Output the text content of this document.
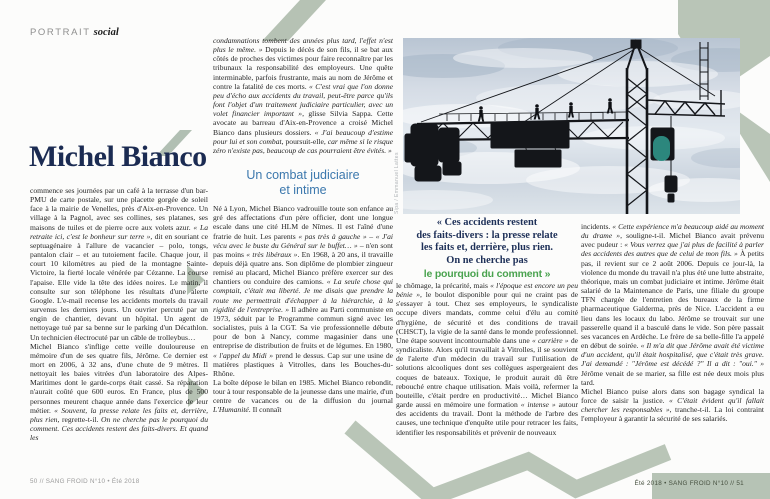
PORTRAIT social
Michel Bianco

commence ses journées par un café à la terrasse d'un bar-PMU de carte postale, sur une placette gorgée de soleil face à la mairie de Venelles, près d'Aix-en-Provence. Un village à la Pagnol, avec ses collines, ses platanes, ses maisons de tuiles et de pierre ocre aux volets azur. « La retraite ici, c'est le bonheur sur terre », dit en souriant ce septuagénaire à l'allure de vacancier – polo, tongs, pantalon clair – et au tutoiement facile. Chaque jour, il court 10 kilomètres au pied de la montagne Sainte-Victoire, la fierté locale vénérée par Cézanne. La course l'apaise. Elle vide la tête des idées noires. Le matin, il consulte sur son téléphone les résultats d'une alerte Google. L'e-mail recense les accidents mortels du travail survenus les derniers jours. Un ouvrier percuté par un engin de chantier, devant un hôpital. Un agent de nettoyage tué par sa benne sur le parking d'un Décathlon. Un technicien électrocuté par un câble de trolleybus…

Michel Bianco s'inflige cette veille douloureuse en mémoire d'un de ses quatre fils, Jérôme. Ce dernier est mort en 2006, à 32 ans, d'une chute de 9 mètres. Il nettoyait les baies vitrées d'un laboratoire des Alpes-Maritimes dont le garde-corps était cassé. Sa réparation n'aurait coûté que 600 euros. En France, plus de 500 personnes meurent chaque année dans l'exercice de leur métier. « Souvent, la presse relate les faits et, derrière, plus rien, regrette-t-il. On ne cherche pas le pourquoi du comment. Ces accidents restent des faits-divers. Et quand les

condamnations tombent des années plus tard, l'effet n'est plus le même. » Depuis le décès de son fils, il se bat aux côtés de proches des victimes pour faire reconnaître par les tribunaux la responsabilité des employeurs. Une quête interminable, parfois frustrante, mais au nom de Jérôme et contre la fatalité de ces morts. « C'est vrai que l'on donne peu d'écho aux accidents du travail, peut-être parce qu'ils font l'objet d'un traitement judiciaire particulier, avec un volet financier important », glisse Silvia Sappa. Cette avocate au barreau d'Aix-en-Provence a croisé Michel Bianco dans plusieurs dossiers. « J'ai beaucoup d'estime pour lui et son combat, poursuit-elle, car même si le risque zéro n'existe pas, beaucoup de cas pourraient être évités. »

Un combat judiciaire
et intime

Né à Lyon, Michel Bianco vadrouille toute son enfance au gré des affectations d'un père officier, dont une longue escale dans une cité HLM de Nîmes. Il est l'aîné d'une fratrie de huit. Les parents « pas très à gauche » – « J'ai vécu avec le buste du Général sur le buffet… » – n'en sont pas moins « très libéraux ». En 1968, à 20 ans, il travaille depuis déjà quatre ans. Son diplôme de plombier zingueur remisé au placard, Michel Bianco préfère exercer sur des chantiers ou conduire des camions. « La seule chose qui comptait, c'était ma liberté. Je me disais que prendre la route me permettrait d'échapper à la hiérarchie, à la rigidité de l'entreprise. » Il adhère au Parti communiste en 1973, séduit par le Programme commun signé avec les socialistes, puis à la CGT. Sa vie professionnelle débute pour de bon à Nancy, comme magasinier dans une entreprise de distribution de fruits et de légumes. En 1980, « l'appel du Midi » prend le dessus. Cap sur une usine de matières plastiques à Vitrolles, dans les Bouches-du-Rhône.

La boîte dépose le bilan en 1985. Michel Bianco rebondit, tour à tour responsable de la jeunesse dans une mairie, d'un centre de vacances ou de la diffusion du journal L'Humanité. Il connaît

50 // SANG FROID N°10 • Été 2018
Sipa / Emmanuel Lattes
« Ces accidents restent
des faits-divers : la presse relate
les faits et, derrière, plus rien.
On ne cherche pas
le pourquoi du comment »

le chômage, la précarité, mais « l'époque est encore un peu bénie », le boulot disponible pour qui ne craint pas de s'essayer à tout. Chez ses employeurs, le syndicaliste occupe divers mandats, comme celui d'élu au comité d'hygiène, de sécurité et des conditions de travail (CHSCT), la vigie de la santé dans le monde professionnel. Une étape souvent incontournable dans une « carrière » de syndicaliste. Alors qu'il travaillait à Vitrolles, il se souvient de l'alerte d'un médecin du travail sur l'utilisation de solutions alcooliques dont ses collègues aspergeaient des coques de bateaux. Toxique, le produit aurait dû être rebouché entre chaque utilisation. Mais voilà, refermer la bouteille, c'était perdre en productivité… Michel Bianco garde aussi en mémoire une formation « intense » autour des accidents du travail. Dont la méthode de l'arbre des causes, une technique d'enquête utile pour retracer les faits, identifier les responsabilités et prévenir de nouveaux

incidents. « Cette expérience m'a beaucoup aidé au moment du drame », souligne-t-il. Michel Bianco avait prévenu avec pudeur : « Vous verrez que j'ai plus de facilité à parler des accidents des autres que de celui de mon fils. » À petits pas, il revient sur ce 2 août 2006. Depuis ce jour-là, la violence du monde du travail n'a plus été une lutte abstraite, théorique, mais un combat judiciaire et intime. Jérôme était salarié de la Maintenance de Paris, une filiale du groupe TFN chargée de l'entretien des bureaux de la firme pharmaceutique Galderma, près de Nice. L'accident a eu lieu dans les locaux du labo. Jérôme se trouvait sur une passerelle quand il a basculé dans le vide. Son père passait ses vacances en Ardèche. Le frère de sa belle-fille l'a appelé en début de soirée. « Il m'a dit que Jérôme avait été victime d'un accident, qu'il était hospitalisé, que c'était très grave. J'ai demandé : "Jérôme est décédé ?" Il a dit : "oui." » Jérôme venait de se marier, sa fille est née deux mois plus tard.

Michel Bianco puise alors dans son bagage syndical la force de saisir la justice. « C'était évident qu'il fallait chercher les responsables », tranche-t-il. La loi contraint l'employeur à garantir la sécurité de ses salariés.

Été 2018 • SANG FROID N°10 // 51
